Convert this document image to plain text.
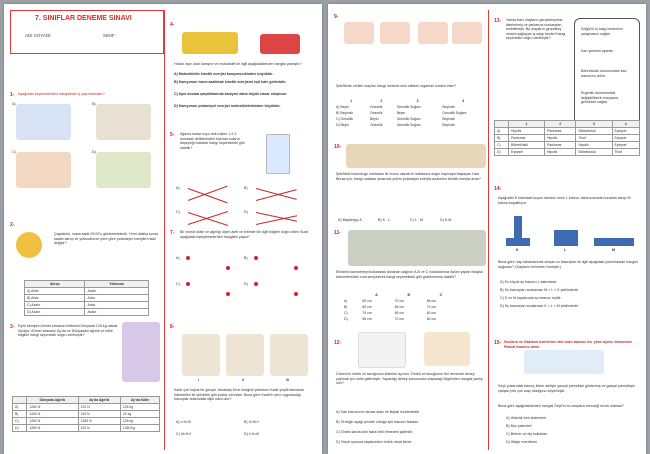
7. SINIFLAR DENEME SINAVI
ADI SOYADI:	SINIF:
1- Aşağıdaki seçeneklerden hangisinde iş yapılmamıştır?
A)	B)
C)	D)
2-
Çaydanlık, masa saati 09.00'u göstermektedir. Yirmi dakika sonra saatin akrep ve yelkovanının yere göre potansiyel enerjileri nasıl değişir?
Akrep	Yelkovan
A) Artar.	Azalır.
B) Artar.	Artar.
C) Azalır.	Artar.
D) Azalır.	Azalır.
3- Eylül hemşire Ahmet amcanın kütlesini Dünyada 126 kg olarak ölçüyor. Ahmet amcanın Ay'da ve Dünyadaki ağırlık ve kütle bilgileri hangi seçenekte doğru verilmiştir?
	Dünyada Ağırlık	Ay'da Ağırlık	Ay'da Kütle
A)	1260 N	210 N	126 kg
B)	1260 N	210 N	21 kg
C)	1260 N	1260 N	126 kg
D)	1260 N	210 N	1260 kg
4-
Hızları aynı olan kamyon ve motosiklet ile ilgili aşağıdakilerden hangisi yanlıştır?
A) Motosikletin kinetik enerjisi kamyonunkinden büyüktür.
B) Kamyonun hızını azaltmak kinetik enerjisini eşit hale getirebilir.
C) Aynı duvara çarptıklarında kamyon daha büyük hasar oluşturur.
D) Kamyonun potansiyel enerjisi motosikletinkinden büyüktür.
5- Ağzına kadar suyu dolu kabın 1,2,3 numaralı deliklerinden fışkıran suların düşeçeği noktalar hangi seçenekteki gibi olabilir?
A)	B)
C)	D)
7- Bir cismin kütle ve ağırlığı ölçen aleti ve birimleri ile ilgili bilgileri doğru bilen Sude aşağıdaki eşleştirmelerden hangisini yapar?
A)	B)
C)	D)
8-
I	II	III
Kadir çok koşuk bir gençtir. Arkadaşı Emir fotoğraf çekerken Kadir çeşitli tekvando hareketleri ile şekildeki gibi pozlar vermiştir. Buna göre Kadir'in yere uygulandığı basınçlar arasındaki ilişki nasıl olur?
A) I>II>III	B) II>III>I
C) III>II>I	D) I=II>III
9-
Şekillerde verilen olayları hangi merkezi sinir sistemi organları kontrol eder?
1	2	3	4
A) Beyin	Omurilik	Omurilik Soğanı	Beyincik
B) Beyincik	Omurilik	Beyin	Omurilik Soğanı
C) Omurilik	Beyin	Omurilik Soğanı	Beyincik
D) Beyin	Omurilik	Omurilik Soğanı	Beyincik
10-
Şekildeki bulunduğu noktadan ilk hızsız olarak M noktasına doğru kaymaya başlayan Hacı Burak için; hangi noktalar arasında çekim potansiyel enerjisi azalırken kinetik enerjisi artar?
A) Başlangıç-K	B) K - L	C) L - M	D) K-M
11-
Elindeki barometreyi kullanarak Ardahan dağının A,B ve C noktalarında ölçüm yapan Muştuk barometredeki cıva seviyelerini hangi seçenekteki gibi gözlemlemiş olabilir?
	A	B	C
A)	60 cm	70 cm	65 cm
B)	60 cm	65 cm	70 cm
C)	70 cm	65 cm	60 cm
D)	65 cm	70 cm	60 cm
12-
Güzem'in ördek ve tavuğunun kütleleri aynıdır. Ördek ve tavuğunun fen dersinde deney yapmak için onlla getirmiştir. Yapacağı deney sonucunda ulaşacağı bilgilerden hangisi yanlış olur?
A) Katı basıncının temas alanı ile ilişkisi incelenebilir.
B) Ördeğin ayağı perdeli olduğu için basıncı fazladır.
C) Ördek karda izini fazla belli etmeden gidebilir.
D) Tavuk çamura saplanırken ördek rahat ilerler
13- Yanda bazı olayların gerçekleşmesi listelenmiş ve yanlarına numaraları belirtilmiştir. Bu olayların gerçekleş meşini sağlayan iş salgı bezleri hangi seçenekte doğru verilmiştir?
Düğün'ü iş salgı bezlerinin çalışmasını sağlar
Kan şekerini ayarlar.
Böbreküstü dokusundan kan basıncını artırır.
Ergenlik dönemindeki değişikliklerin meydana gelmesini sağlar.
	1	2	3	4
A)	Hipofiz	Pankreas	Böbreküstü	Eşeysel
B)	Pankreas	Hipofiz	Tiroit	Eşeysel
C)	Böbreküstü	Pankreas	Hipofiz	Eşeysel
D)	Eşeysel	Hipofiz	Böbreküstü	Tiroit
14-
Aşağıdaki K katındaki suyun tamamı önce L katına, daha sonrada buradan alınıp M katına boşaltılıyor.
K	L	M
Buna göre; kap tabanlarında oluşan su basınçları ile ilgili aşağıdaki yorumlardan hangisi doğrudur? (Kapların bölmeleri özdeştir.)
A) En küçük su basıncı L katındadır.
B) Su basınçları sıralaması M > L > K şeklindedir.
C) K ve M kaplarında su basıncı eşittir.
D) Su basınçları sıralaması K = L > M şeklindedir.
15- Sıvıların ve Gazların üzerlerine etki eden basıncı her yöne aynen iletmesine Pascal Kanunu denir.
Seçil yukarıdaki basınç iletim aletiyle gazçal prensibini göstermiş ve gazçal prensibiyle çalışan pek çok araç olduğunu söylemiştir.
Buna göre aşağıdakilerden hangisi Seçil'in bu araçlara vereceği örnek olamaz?
A) Hidrolik fren sistemleri
B) Buz patenleri
C) Berber ve diş koltukları
D) İtfaiye merdiveni
